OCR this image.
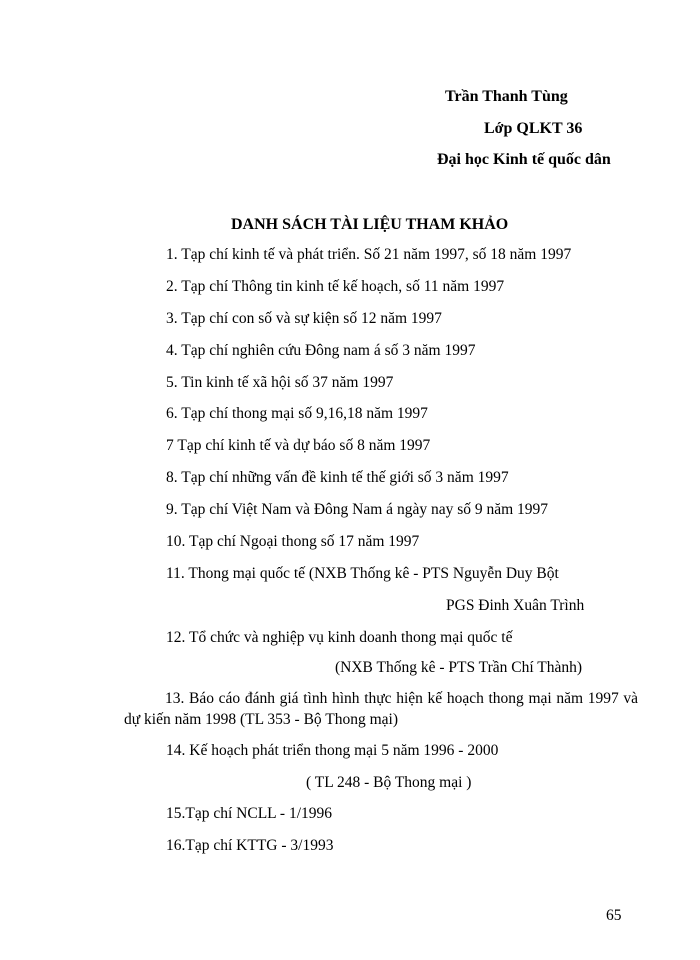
Trần Thanh Tùng
Lớp QLKT 36
Đại học Kinh tế quốc dân
DANH SÁCH TÀI LIỆU THAM KHẢO
1. Tạp chí kinh tế và phát triển. Số 21 năm 1997, số 18 năm 1997
2. Tạp chí Thông tin kinh tế kế hoạch, số 11 năm 1997
3. Tạp chí con số và sự kiện số 12 năm 1997
4. Tạp chí nghiên cứu Đông nam á số 3 năm 1997
5. Tin kinh tế xã hội số 37 năm 1997
6. Tạp chí thong mại số 9,16,18 năm 1997
7 Tạp chí kinh tế và dự báo số 8 năm 1997
8. Tạp chí những vấn đề kinh tế thế giới số 3 năm 1997
9. Tạp chí Việt Nam và Đông Nam á ngày nay số 9 năm 1997
10. Tạp chí Ngoại thong số 17 năm 1997
11. Thong mại quốc tế (NXB Thống kê - PTS Nguyễn Duy Bột
PGS Đinh Xuân Trình
12. Tổ chức và nghiệp vụ kinh doanh thong mại quốc tế
(NXB Thống kê - PTS Trần Chí Thành)
13. Báo cáo đánh giá tình hình thực hiện kế hoạch thong mại năm 1997 và dự kiến năm 1998 (TL 353 - Bộ Thong mại)
14. Kế hoạch phát triển thong mại 5 năm 1996 - 2000
( TL 248 - Bộ Thong mại )
15.Tạp chí NCLL - 1/1996
16.Tạp chí KTTG - 3/1993
65
